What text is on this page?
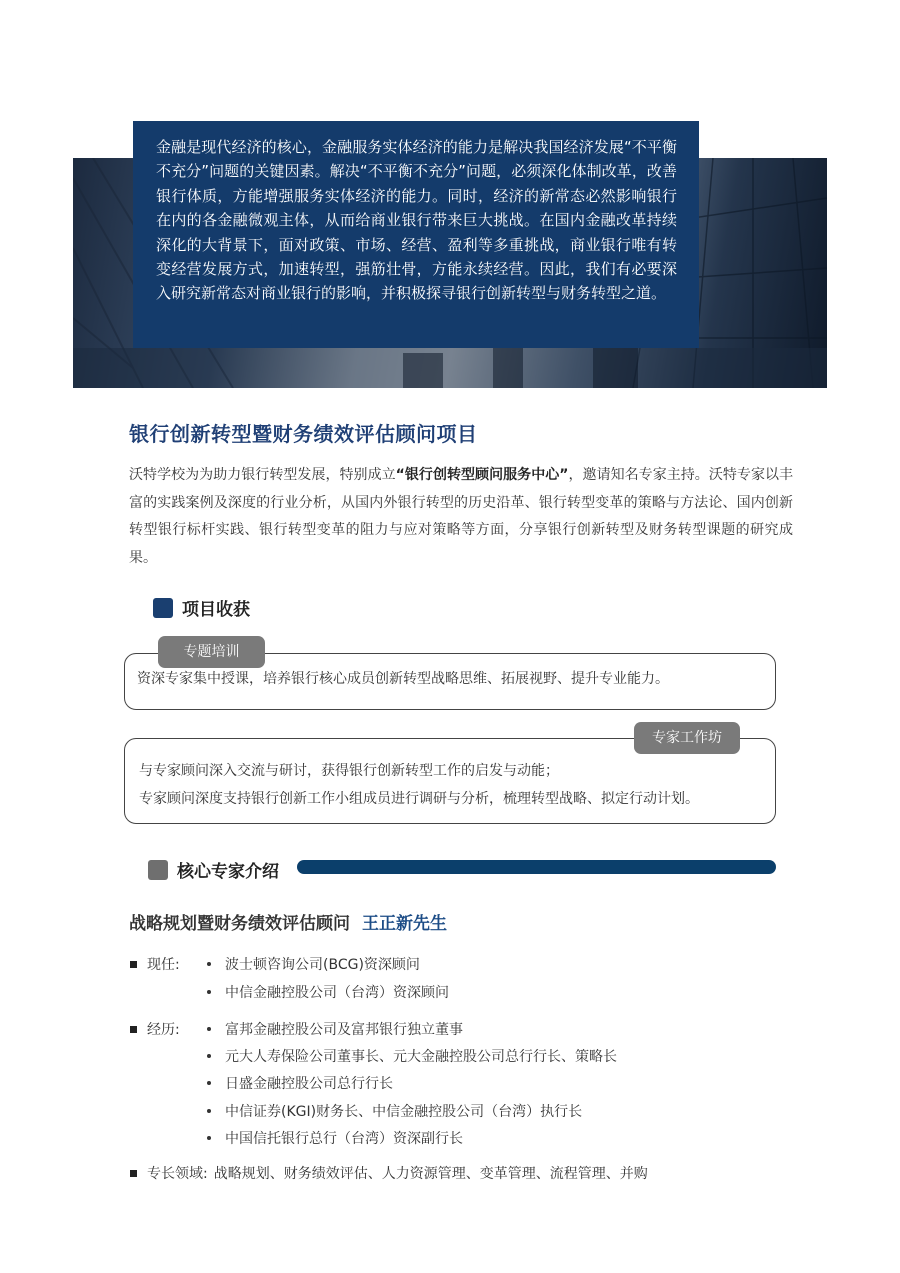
金融是现代经济的核心，金融服务实体经济的能力是解决我国经济发展“不平衡不充分”问题的关键因素。解决“不平衡不充分”问题，必须深化体制改革，改善银行体质，方能增强服务实体经济的能力。同时，经济的新常态必然影响银行在内的各金融微观主体，从而给商业银行带来巨大挑战。在国内金融改革持续深化的大背景下，面对政策、市场、经营、盈利等多重挑战，商业银行唯有转变经营发展方式，加速转型，强筋壮骨，方能永续经营。因此，我们有必要深入研究新常态对商业银行的影响，并积极探寻银行创新转型与财务转型之道。

银行创新转型暨财务绩效评估顾问项目

沃特学校为为助力银行转型发展，特别成立“银行创转型顾问服务中心”，邀请知名专家主持。沃特专家以丰富的实践案例及深度的行业分析，从国内外银行转型的历史沿革、银行转型变革的策略与方法论、国内创新转型银行标杆实践、银行转型变革的阻力与应对策略等方面，分享银行创新转型及财务转型课题的研究成果。

项目收获
资深专家集中授课，培养银行核心成员创新转型战略思维、拓展视野、提升专业能力。
专题培训
与专家顾问深入交流与研讨，获得银行创新转型工作的启发与动能；
专家顾问深度支持银行创新工作小组成员进行调研与分析，梳理转型战略、拟定行动计划。
专家工作坊
核心专家介绍
战略规划暨财务绩效评估顾问 王正新先生
现任:	波士顿咨询公司(BCG)资深顾问
中信金融控股公司（台湾）资深顾问
经历:	富邦金融控股公司及富邦银行独立董事
元大人寿保险公司董事长、元大金融控股公司总行行长、策略长
日盛金融控股公司总行行长
中信证券(KGI)财务长、中信金融控股公司（台湾）执行长
中国信托银行总行（台湾）资深副行长
专长领域: 战略规划、财务绩效评估、人力资源管理、变革管理、流程管理、并购
